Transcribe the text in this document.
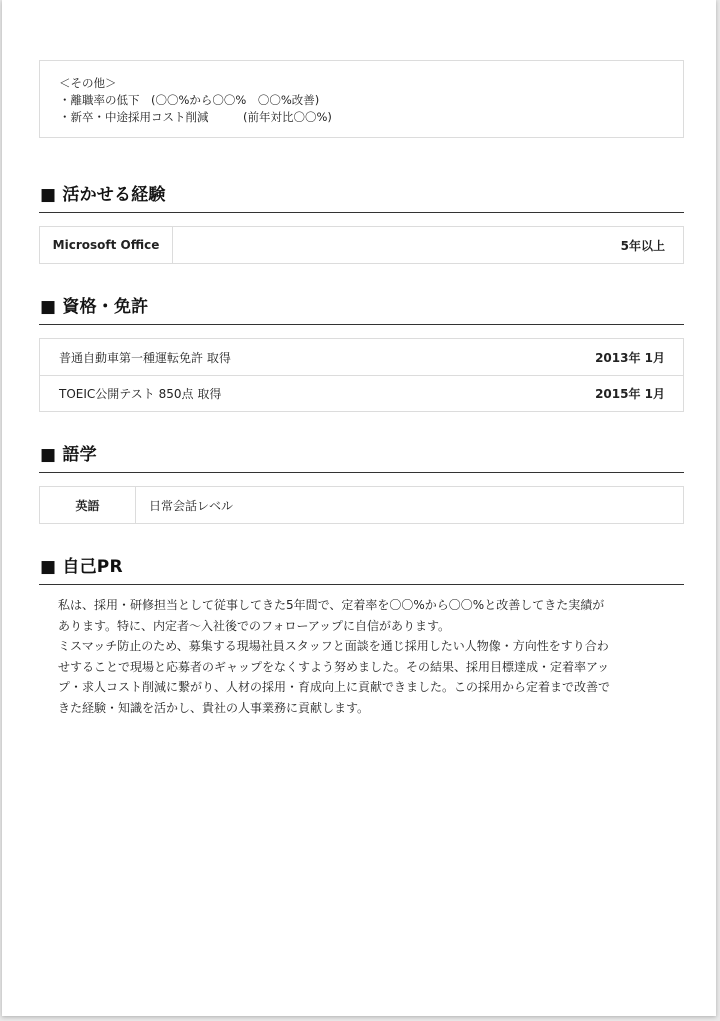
＜その他＞
・離職率の低下　(〇〇%から〇〇%　〇〇%改善)
・新卒・中途採用コスト削減　　　(前年対比〇〇%)
■ 活かせる経験
Microsoft Office	5年以上
■ 資格・免許
普通自動車第一種運転免許 取得	2013年 1月
TOEIC公開テスト 850点 取得	2015年 1月
■ 語学
英語	日常会話レベル
■ 自己PR
私は、採用・研修担当として従事してきた5年間で、定着率を〇〇%から〇〇%と改善してきた実績が
あります。特に、内定者～入社後でのフォローアップに自信があります。
ミスマッチ防止のため、募集する現場社員スタッフと面談を通じ採用したい人物像・方向性をすり合わ
せすることで現場と応募者のギャップをなくすよう努めました。その結果、採用目標達成・定着率アッ
プ・求人コスト削減に繋がり、人材の採用・育成向上に貢献できました。この採用から定着まで改善で
きた経験・知識を活かし、貴社の人事業務に貢献します。
